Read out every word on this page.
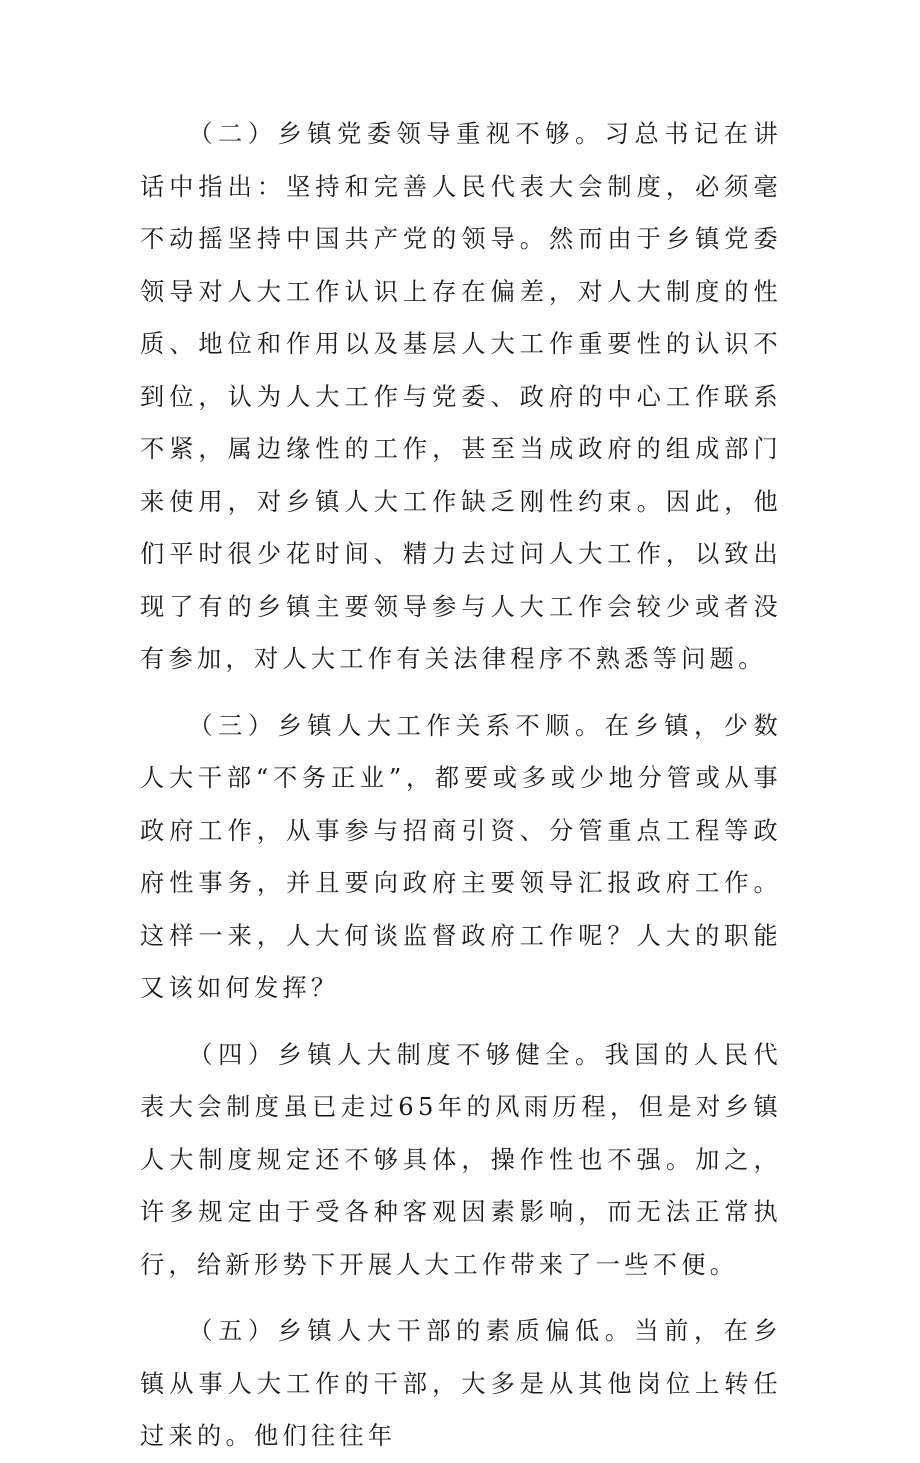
（二）乡镇党委领导重视不够。习总书记在讲话中指出：坚持和完善人民代表大会制度，必须毫不动摇坚持中国共产党的领导。然而由于乡镇党委领导对人大工作认识上存在偏差，对人大制度的性质、地位和作用以及基层人大工作重要性的认识不到位，认为人大工作与党委、政府的中心工作联系不紧，属边缘性的工作，甚至当成政府的组成部门来使用，对乡镇人大工作缺乏刚性约束。因此，他们平时很少花时间、精力去过问人大工作，以致出现了有的乡镇主要领导参与人大工作会较少或者没有参加，对人大工作有关法律程序不熟悉等问题。

（三）乡镇人大工作关系不顺。在乡镇，少数人大干部“不务正业”，都要或多或少地分管或从事政府工作，从事参与招商引资、分管重点工程等政府性事务，并且要向政府主要领导汇报政府工作。这样一来，人大何谈监督政府工作呢？人大的职能又该如何发挥？

（四）乡镇人大制度不够健全。我国的人民代表大会制度虽已走过65年的风雨历程，但是对乡镇人大制度规定还不够具体，操作性也不强。加之，许多规定由于受各种客观因素影响，而无法正常执行，给新形势下开展人大工作带来了一些不便。

（五）乡镇人大干部的素质偏低。当前，在乡镇从事人大工作的干部，大多是从其他岗位上转任过来的。他们往往年
